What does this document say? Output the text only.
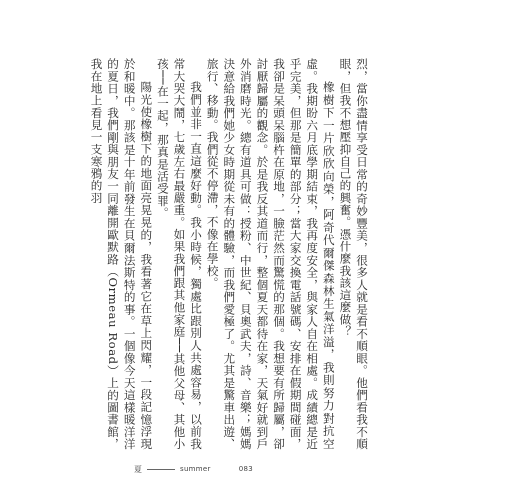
烈，當你盡情享受日常的奇妙豐美，很多人就是看不順眼。他們看我不順眼，但我不想壓抑自己的興奮。憑什麼我該這麼做？

橡樹下一片欣欣向榮，阿奇代爾傑森林生氣洋溢，我則努力對抗空虛。我期盼六月底學期結束，我再度安全，與家人自在相處。成績總是近乎完美，但那是簡單的部分；當大家交換電話號碼、安排在假期間碰面，我卻是呆頭呆腦杵在原地，一臉茫然而驚慌的那個。我想要有所歸屬，卻討厭歸屬的觀念。於是我反其道而行，整個夏天都待在家，天氣好就到戶外消磨時光。總有道具可做：授粉、中世紀、貝奧武夫，詩、音樂；媽媽決意給我們她少女時期從未有的體驗，而我們愛極了。尤其是驚車出遊、旅行、移動。我們從不停滯，不像在學校。

我們並非一直這麼好動。我小時候，獨處比跟別人共處容易，以前我常大哭大鬧，七歲左右最嚴重。如果我們跟其他家庭──其他父母、其他小孩──在一起，那真是活受罪。

陽光使橡樹下的地面亮晃晃的，我看著它在草上閃耀，一段記憶浮現於和暖中。那該是十年前發生在貝爾法斯特的事。一個像今天這樣暖洋洋的夏日，我們剛與朋友一同離開歐默路（Ormeau Road）上的圖書館，我在地上看見一支寒鴉的羽

夏	summer	083
